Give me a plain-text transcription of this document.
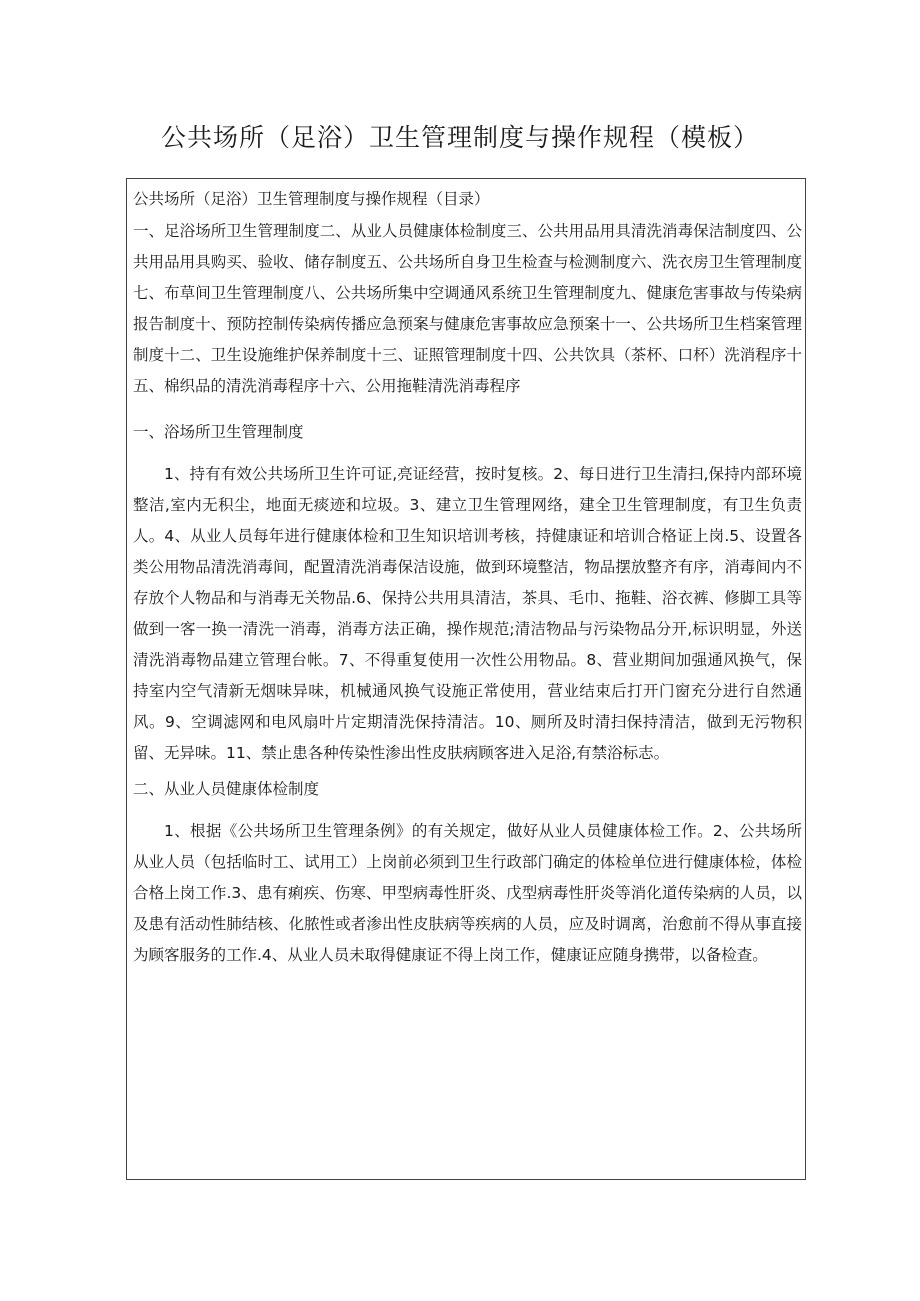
公共场所（足浴）卫生管理制度与操作规程（模板）

公共场所（足浴）卫生管理制度与操作规程（目录）

一、足浴场所卫生管理制度二、从业人员健康体检制度三、公共用品用具清洗消毒保洁制度四、公共用品用具购买、验收、储存制度五、公共场所自身卫生检查与检测制度六、洗衣房卫生管理制度七、布草间卫生管理制度八、公共场所集中空调通风系统卫生管理制度九、健康危害事故与传染病报告制度十、预防控制传染病传播应急预案与健康危害事故应急预案十一、公共场所卫生档案管理制度十二、卫生设施维护保养制度十三、证照管理制度十四、公共饮具（茶杯、口杯）洗消程序十五、棉织品的清洗消毒程序十六、公用拖鞋清洗消毒程序

一、浴场所卫生管理制度

1、持有有效公共场所卫生许可证,亮证经营，按时复核。2、每日进行卫生清扫,保持内部环境整洁,室内无积尘，地面无痰迹和垃圾。3、建立卫生管理网络，建全卫生管理制度，有卫生负责人。4、从业人员每年进行健康体检和卫生知识培训考核，持健康证和培训合格证上岗.5、设置各类公用物品清洗消毒间，配置清洗消毒保洁设施，做到环境整洁，物品摆放整齐有序，消毒间内不存放个人物品和与消毒无关物品.6、保持公共用具清洁，茶具、毛巾、拖鞋、浴衣裤、修脚工具等做到一客一换一清洗一消毒，消毒方法正确，操作规范;清洁物品与污染物品分开,标识明显，外送清洗消毒物品建立管理台帐。7、不得重复使用一次性公用物品。8、营业期间加强通风换气，保持室内空气清新无烟味异味，机械通风换气设施正常使用，营业结束后打开门窗充分进行自然通风。9、空调滤网和电风扇叶片定期清洗保持清洁。10、厕所及时清扫保持清洁，做到无污物积留、无异味。11、禁止患各种传染性渗出性皮肤病顾客进入足浴,有禁浴标志。

二、从业人员健康体检制度

1、根据《公共场所卫生管理条例》的有关规定，做好从业人员健康体检工作。2、公共场所从业人员（包括临时工、试用工）上岗前必须到卫生行政部门确定的体检单位进行健康体检，体检合格上岗工作.3、患有痢疾、伤寒、甲型病毒性肝炎、戊型病毒性肝炎等消化道传染病的人员，以及患有活动性肺结核、化脓性或者渗出性皮肤病等疾病的人员，应及时调离，治愈前不得从事直接为顾客服务的工作.4、从业人员未取得健康证不得上岗工作，健康证应随身携带，以备检查。
